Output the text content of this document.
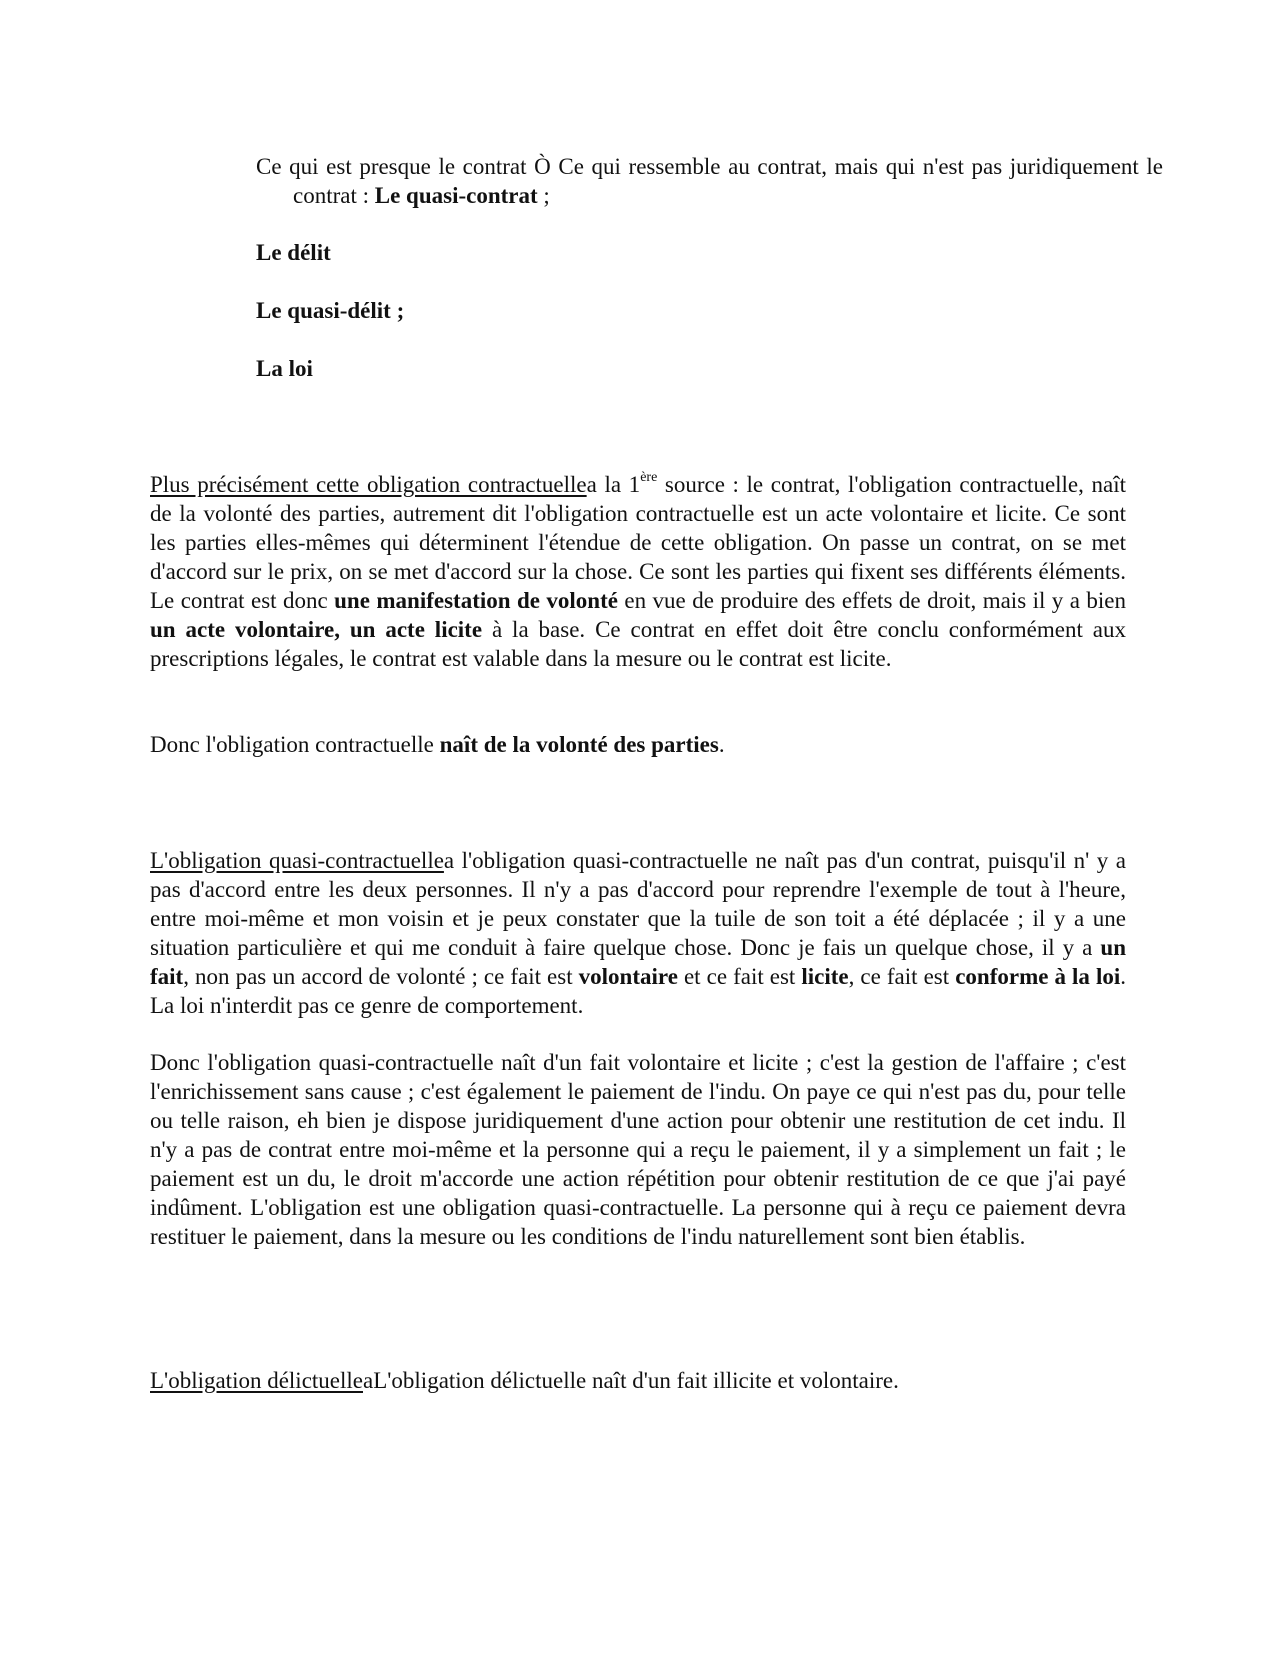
Ce qui est presque le contrat Ò Ce qui ressemble au contrat, mais qui n'est pas juridiquement le contrat : Le quasi-contrat ;

Le délit

Le quasi-délit ;

La loi

Plus précisément cette obligation contractuellea la 1ère source : le contrat, l'obligation contractuelle, naît de la volonté des parties, autrement dit l'obligation contractuelle est un acte volontaire et licite. Ce sont les parties elles-mêmes qui déterminent l'étendue de cette obligation. On passe un contrat, on se met d'accord sur le prix, on se met d'accord sur la chose. Ce sont les parties qui fixent ses différents éléments. Le contrat est donc une manifestation de volonté en vue de produire des effets de droit, mais il y a bien un acte volontaire, un acte licite à la base. Ce contrat en effet doit être conclu conformément aux prescriptions légales, le contrat est valable dans la mesure ou le contrat est licite.

Donc l'obligation contractuelle naît de la volonté des parties.

L'obligation quasi-contractuellea l'obligation quasi-contractuelle ne naît pas d'un contrat, puisqu'il n' y a pas d'accord entre les deux personnes. Il n'y a pas d'accord pour reprendre l'exemple de tout à l'heure, entre moi-même et mon voisin et je peux constater que la tuile de son toit a été déplacée ; il y a une situation particulière et qui me conduit à faire quelque chose. Donc je fais un quelque chose, il y a un fait, non pas un accord de volonté ; ce fait est volontaire et ce fait est licite, ce fait est conforme à la loi. La loi n'interdit pas ce genre de comportement.

Donc l'obligation quasi-contractuelle naît d'un fait volontaire et licite ; c'est la gestion de l'affaire ; c'est l'enrichissement sans cause ; c'est également le paiement de l'indu. On paye ce qui n'est pas du, pour telle ou telle raison, eh bien je dispose juridiquement d'une action pour obtenir une restitution de cet indu. Il n'y a pas de contrat entre moi-même et la personne qui a reçu le paiement, il y a simplement un fait ; le paiement est un du, le droit m'accorde une action répétition pour obtenir restitution de ce que j'ai payé indûment. L'obligation est une obligation quasi-contractuelle. La personne qui à reçu ce paiement devra restituer le paiement, dans la mesure ou les conditions de l'indu naturellement sont bien établis.

L'obligation délictuelleaL'obligation délictuelle naît d'un fait illicite et volontaire.
